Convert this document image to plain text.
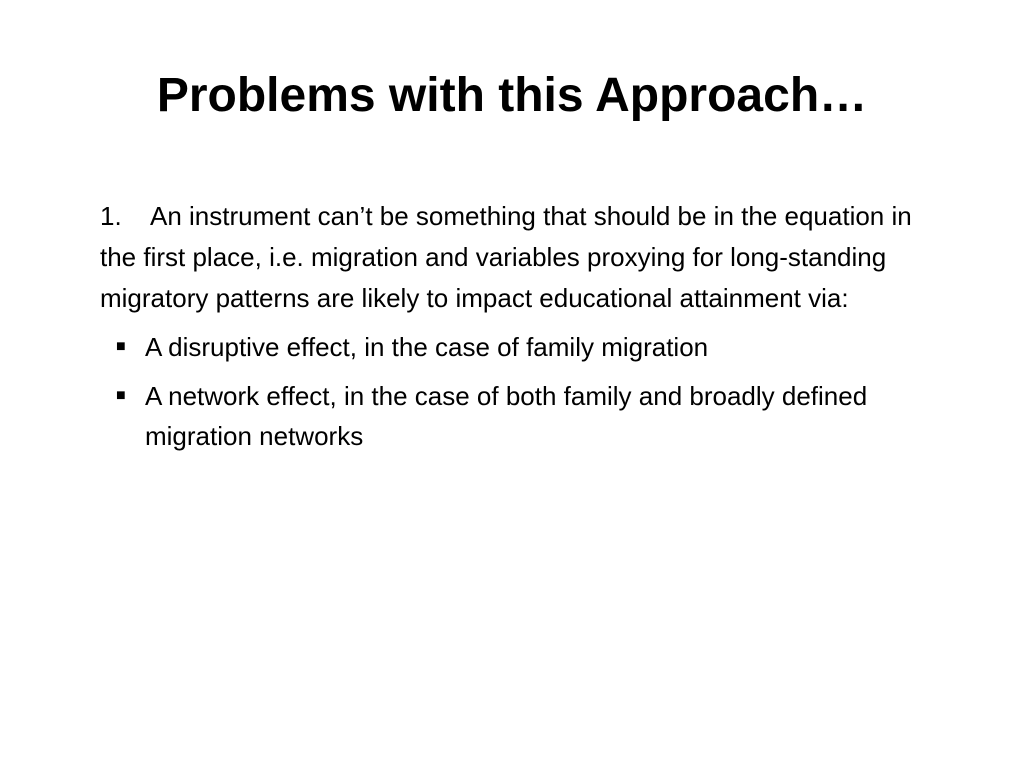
Problems with this Approach…

1. An instrument can’t be something that should be in the equation in the first place, i.e. migration and variables proxying for long-standing migratory patterns are likely to impact educational attainment via:

■ A disruptive effect, in the case of family migration
■ A network effect, in the case of both family and broadly defined migration networks
